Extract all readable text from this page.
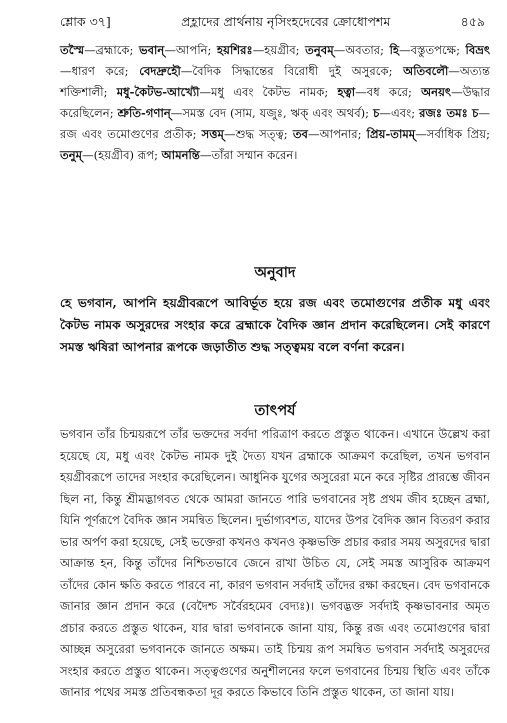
শ্লোক ৩৭]	প্রহ্লাদের প্রার্থনায় নৃসিংহদেবের ক্রোধোপশম	৪৫৯
তস্মৈ—ব্রহ্মাকে; ভবান্—আপনি; হয়শিরঃ—হয়গ্রীব; তনুবম্—অবতার; হি—বস্তুতপক্ষে; বিভ্রৎ—ধারণ করে; বেদদ্রুহৌ—বৈদিক সিদ্ধান্তের বিরোধী দুই অসুরকে; অতিবলৌ—অত্যন্ত শক্তিশালী; মধু-কৈটভ-আখ্যৌ—মধু এবং কৈটভ নামক; হত্বা—বধ করে; অনয়ৎ—উদ্ধার করেছিলেন; শ্রুতি-গণান্—সমস্ত বেদ (সাম, যজুঃ, ঋক্‌ এবং অথর্ব); চ—এবং; রজঃ তমঃ চ—রজ এবং তমোগুণের প্রতীক; সত্তম্—শুদ্ধ সত্ত্ব; তব—আপনার; প্রিয়-তামম্—সর্বাধিক প্রিয়; তনুম্—(হয়গ্রীব) রূপ; আমনন্তি—তাঁরা সম্মান করেন।
অনুবাদ
হে ভগবান, আপনি হয়গ্রীবরূপে আবির্ভূত হয়ে রজ এবং তমোগুণের প্রতীক মধু এবং কৈটভ নামক অসুরদের সংহার করে ব্রহ্মাকে বৈদিক জ্ঞান প্রদান করেছিলেন। সেই কারণে সমস্ত ঋষিরা আপনার রূপকে জড়াতীত শুদ্ধ সত্ত্বময় বলে বর্ণনা করেন।
তাৎপর্য
ভগবান তাঁর চিন্ময়রূপে তাঁর ভক্তদের সর্বদা পরিত্রাণ করতে প্রস্তুত থাকেন। এখানে উল্লেখ করা হয়েছে যে, মধু এবং কৈটভ নামক দুই দৈত্য যখন ব্রহ্মাকে আক্রমণ করেছিল, তখন ভগবান হয়গ্রীবরূপে তাদের সংহার করেছিলেন। আধুনিক যুগের অসুরেরা মনে করে সৃষ্টির প্রারম্ভে জীবন ছিল না, কিন্তু শ্রীমদ্ভাগবত থেকে আমরা জানতে পারি ভগবানের সৃষ্ট প্রথম জীব হচ্ছেন ব্রহ্মা, যিনি পূর্ণরূপে বৈদিক জ্ঞান সমন্বিত ছিলেন। দুর্ভাগ্যবশত, যাদের উপর বৈদিক জ্ঞান বিতরণ করার ভার অর্পণ করা হয়েছে, সেই ভক্তেরা কখনও কখনও কৃষ্ণভক্তি প্রচার করার সময় অসুরদের দ্বারা আক্রান্ত হন, কিন্তু তাঁদের নিশ্চিতভাবে জেনে রাখা উচিত যে, সেই সমস্ত আসুরিক আক্রমণ তাঁদের কোন ক্ষতি করতে পারবে না, কারণ ভগবান সর্বদাই তাঁদের রক্ষা করছেন। বেদ ভগবানকে জানার জ্ঞান প্রদান করে (বেদৈশ্চ সর্বৈরহমেব বেদ্যঃ)। ভগবদ্ভক্ত সর্বদাই কৃষ্ণভাবনার অমৃত প্রচার করতে প্রস্তুত থাকেন, যার দ্বারা ভগবানকে জানা যায়, কিন্তু রজ এবং তমোগুণের দ্বারা আচ্ছন্ন অসুরেরা ভগবানকে জানতে অক্ষম। তাই চিন্ময় রূপ সমন্বিত ভগবান সর্বদাই অসুরদের সংহার করতে প্রস্তুত থাকেন। সত্ত্বগুণের অনুশীলনের ফলে ভগবানের চিন্ময় স্থিতি এবং তাঁকে জানার পথের সমস্ত প্রতিবন্ধকতা দূর করতে কিভাবে তিনি প্রস্তুত থাকেন, তা জানা যায়।
